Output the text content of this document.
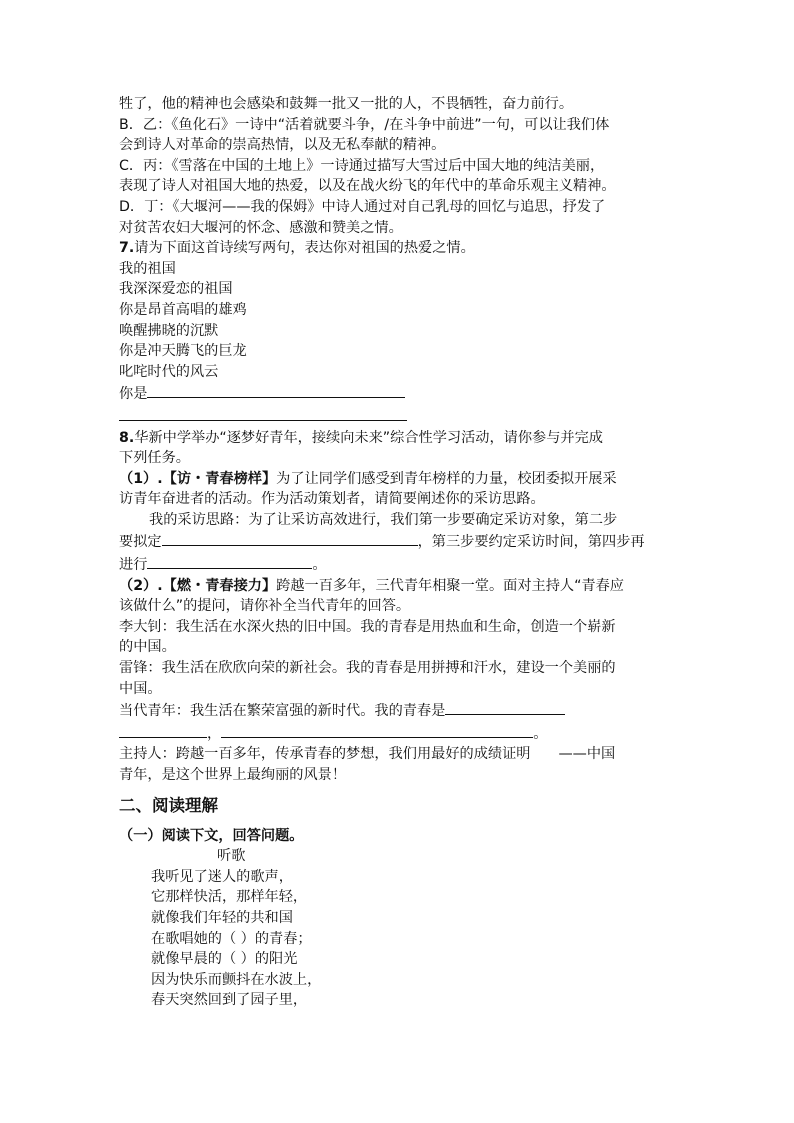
牲了，他的精神也会感染和鼓舞一批又一批的人，不畏牺牲，奋力前行。

B．乙：《鱼化石》一诗中“活着就要斗争，/在斗争中前进”一句，可以让我们体

会到诗人对革命的崇高热情，以及无私奉献的精神。

C．丙：《雪落在中国的土地上》一诗通过描写大雪过后中国大地的纯洁美丽，

表现了诗人对祖国大地的热爱，以及在战火纷飞的年代中的革命乐观主义精神。

D．丁：《大堰河——我的保姆》中诗人通过对自己乳母的回忆与追思，抒发了

对贫苦农妇大堰河的怀念、感激和赞美之情。

7.请为下面这首诗续写两句，表达你对祖国的热爱之情。

我的祖国

我深深爱恋的祖国

你是昂首高唱的雄鸡

唤醒拂晓的沉默

你是冲天腾飞的巨龙

叱咤时代的风云

你是

8.华新中学举办“逐梦好青年，接续向未来”综合性学习活动，请你参与并完成

下列任务。

（1）.【访・青春榜样】为了让同学们感受到青年榜样的力量，校团委拟开展采

访青年奋进者的活动。作为活动策划者，请简要阐述你的采访思路。

我的采访思路：为了让采访高效进行，我们第一步要确定采访对象，第二步

要拟定	，第三步要约定采访时间，第四步再

进行	。

（2）.【燃・青春接力】跨越一百多年，三代青年相聚一堂。面对主持人“青春应

该做什么”的提问，请你补全当代青年的回答。

李大钊：我生活在水深火热的旧中国。我的青春是用热血和生命，创造一个崭新

的中国。

雷锋：我生活在欣欣向荣的新社会。我的青春是用拼搏和汗水，建设一个美丽的

中国。

当代青年：我生活在繁荣富强的新时代。我的青春是

，	。

主持人：跨越一百多年，传承青春的梦想，我们用最好的成绩证明 ——中国

青年，是这个世界上最绚丽的风景！

二、阅读理解

（一）阅读下文，回答问题。

听歌

我听见了迷人的歌声，

它那样快活，那样年轻，

就像我们年轻的共和国

在歌唱她的（ ）的青春；

就像早晨的（ ）的阳光

因为快乐而颤抖在水波上，

春天突然回到了园子里，
